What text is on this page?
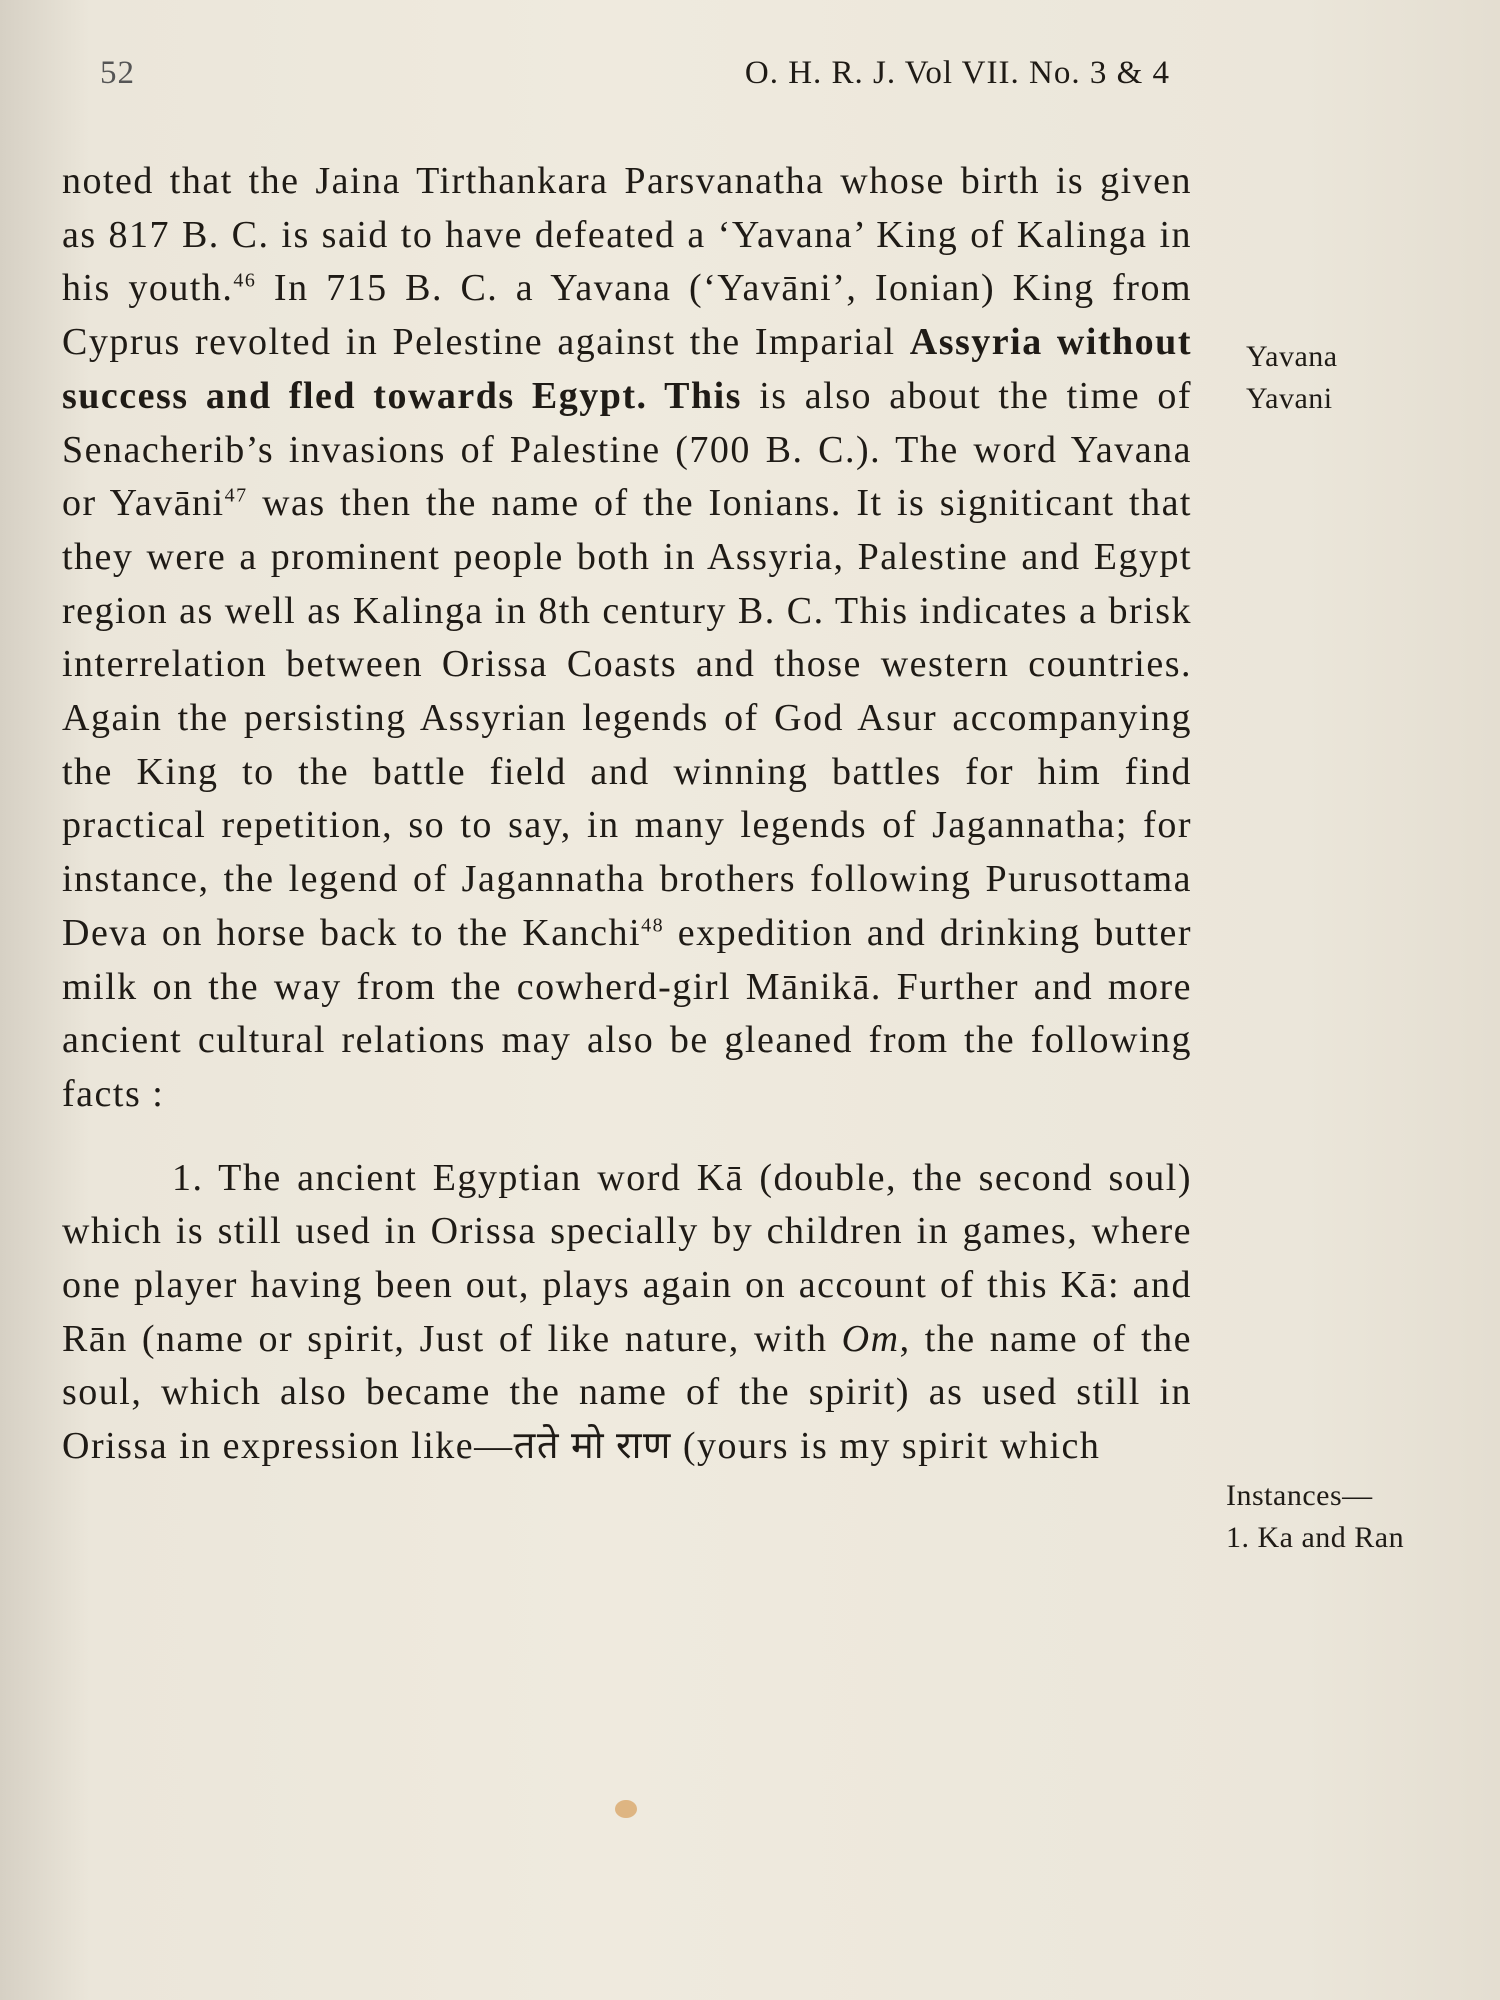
52	O. H. R. J. Vol VII. No. 3 & 4

noted that the Jaina Tirthankara Parsvanatha whose birth is given as 817 B. C. is said to have defeated a ‘Yavana’ King of Kalinga in his youth.$^{46}$ In 715 B. C. a Yavana (‘Yavāni’, Ionian) King from Cyprus revolted in Pelestine against the Imparial Assyria without success and fled towards Egypt. This is also about the time of Senacherib’s invasions of Palestine (700 B. C.). The word Yavana or Yavāni$^{47}$ was then the name of the Ionians. It is signiticant that they were a prominent people both in Assyria, Palestine and Egypt region as well as Kalinga in 8th century B. C. This indicates a brisk interrelation between Orissa Coasts and those western countries. Again the persisting Assyrian legends of God Asur accompanying the King to the battle field and winning battles for him find practical repetition, so to say, in many legends of Jagannatha; for instance, the legend of Jagannatha brothers following Purusottama Deva on horse back to the Kanchi$^{48}$ expedition and drinking butter milk on the way from the cowherd-girl Mānikā. Further and more ancient cultural relations may also be gleaned from the following facts :

1. The ancient Egyptian word Kā (double, the second soul) which is still used in Orissa specially by children in games, where one player having been out, plays again on account of this Kā: and Rān (name or spirit, Just of like nature, with Om, the name of the soul, which also became the name of the spirit) as used still in Orissa in expression like—तते मो राण (yours is my spirit which

Yavana
Yavani
Instances—
1. Ka and Ran
